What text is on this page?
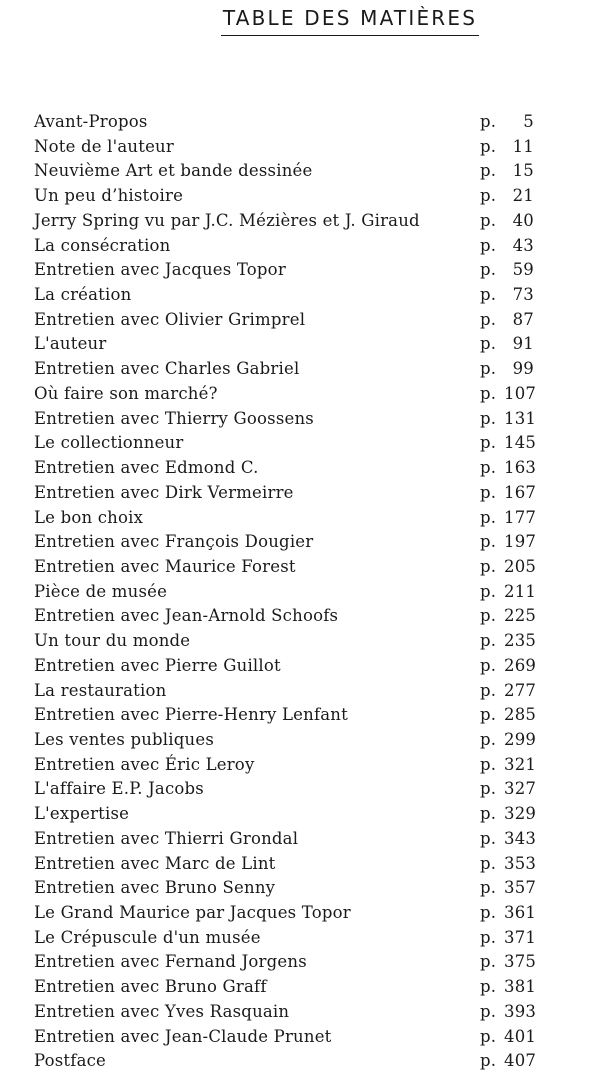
TABLE DES MATIÈRES
Avant-Propos	p.	5
Note de l'auteur	p. 11
Neuvième Art et bande dessinée	p. 15
Un peu d’histoire	p. 21
Jerry Spring vu par J.C. Mézières et J. Giraud	p. 40
La consécration	p. 43
Entretien avec Jacques Topor	p. 59
La création	p. 73
Entretien avec Olivier Grimprel	p. 87
L'auteur	p. 91
Entretien avec Charles Gabriel	p. 99
Où faire son marché?	p. 107
Entretien avec Thierry Goossens	p. 131
Le collectionneur	p. 145
Entretien avec Edmond C.	p. 163
Entretien avec Dirk Vermeirre	p. 167
Le bon choix	p. 177
Entretien avec François Dougier	p. 197
Entretien avec Maurice Forest	p. 205
Pièce de musée	p. 211
Entretien avec Jean-Arnold Schoofs	p. 225
Un tour du monde	p. 235
Entretien avec Pierre Guillot	p. 269
La restauration	p. 277
Entretien avec Pierre-Henry Lenfant	p. 285
Les ventes publiques	p. 299
Entretien avec Éric Leroy	p. 321
L'affaire E.P. Jacobs	p. 327
L'expertise	p. 329
Entretien avec Thierri Grondal	p. 343
Entretien avec Marc de Lint	p. 353
Entretien avec Bruno Senny	p. 357
Le Grand Maurice par Jacques Topor	p. 361
Le Crépuscule d'un musée	p. 371
Entretien avec Fernand Jorgens	p. 375
Entretien avec Bruno Graff	p. 381
Entretien avec Yves Rasquain	p. 393
Entretien avec Jean-Claude Prunet	p. 401
Postface	p. 407
